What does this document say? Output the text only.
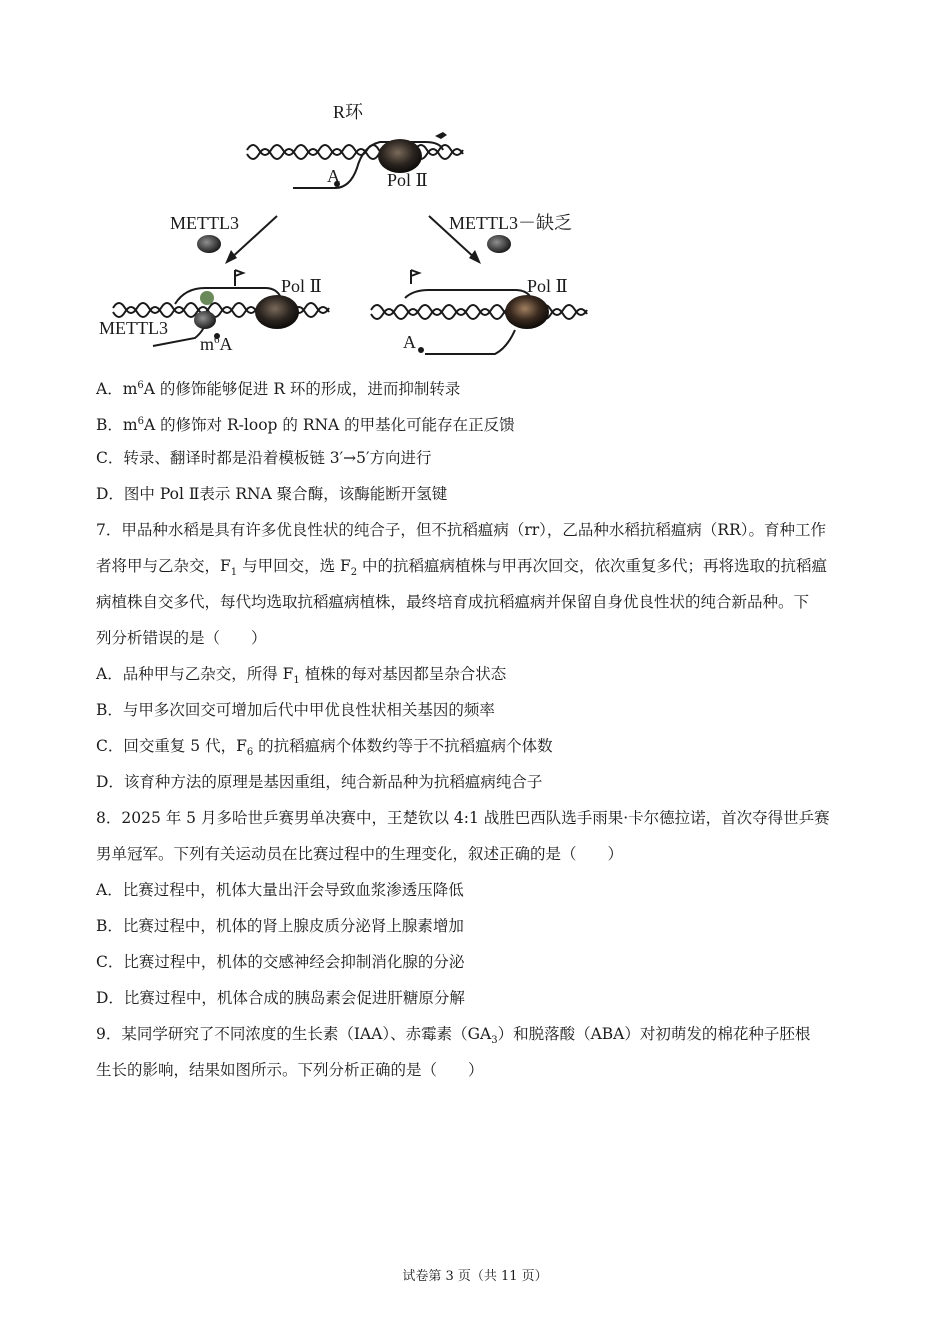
R环
A	Pol Ⅱ
METTL3	METTL3－缺乏
Pol Ⅱ
METTL3
$m^6A$
Pol Ⅱ
A
A．$m^6A$ 的修饰能够促进 R 环的形成，进而抑制转录
B．$m^6A$ 的修饰对 R-loop 的 RNA 的甲基化可能存在正反馈
C．转录、翻译时都是沿着模板链 3′→5′方向进行
D．图中 Pol Ⅱ表示 RNA 聚合酶，该酶能断开氢键
7．甲品种水稻是具有许多优良性状的纯合子，但不抗稻瘟病（rr），乙品种水稻抗稻瘟病（RR）。育种工作
者将甲与乙杂交，$F_1$ 与甲回交，选 $F_2$ 中的抗稻瘟病植株与甲再次回交，依次重复多代；再将选取的抗稻瘟
病植株自交多代，每代均选取抗稻瘟病植株，最终培育成抗稻瘟病并保留自身优良性状的纯合新品种。下
列分析错误的是（　　）
A．品种甲与乙杂交，所得 $F_1$ 植株的每对基因都呈杂合状态
B．与甲多次回交可增加后代中甲优良性状相关基因的频率
C．回交重复 5 代，$F_6$ 的抗稻瘟病个体数约等于不抗稻瘟病个体数
D．该育种方法的原理是基因重组，纯合新品种为抗稻瘟病纯合子
8．2025 年 5 月多哈世乒赛男单决赛中，王楚钦以 4:1 战胜巴西队选手雨果·卡尔德拉诺，首次夺得世乒赛
男单冠军。下列有关运动员在比赛过程中的生理变化，叙述正确的是（　　）
A．比赛过程中，机体大量出汗会导致血浆渗透压降低
B．比赛过程中，机体的肾上腺皮质分泌肾上腺素增加
C．比赛过程中，机体的交感神经会抑制消化腺的分泌
D．比赛过程中，机体合成的胰岛素会促进肝糖原分解
9．某同学研究了不同浓度的生长素（IAA）、赤霉素$(GA_3)$和脱落酸（ABA）对初萌发的棉花种子胚根
生长的影响，结果如图所示。下列分析正确的是（　　）
试卷第 3 页（共 11 页）
